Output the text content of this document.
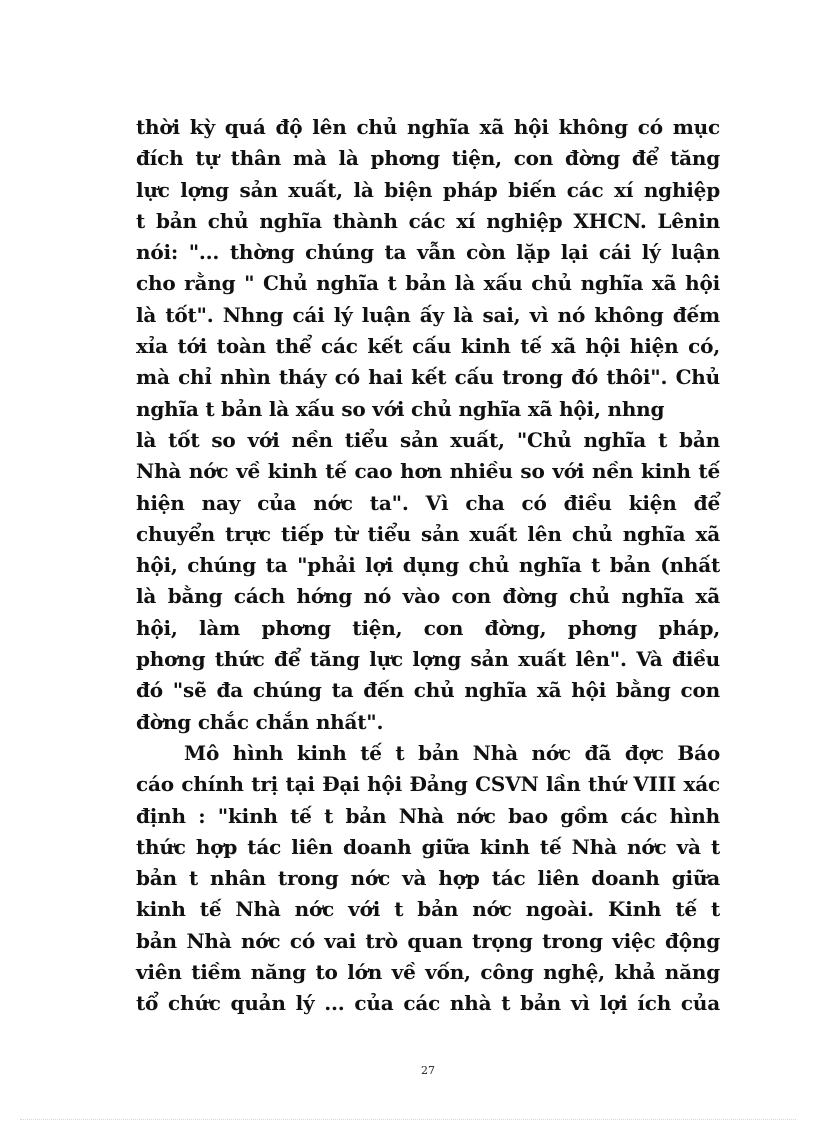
thời kỳ quá độ lên chủ nghĩa xã hội không có mục
đích tự thân mà là phơng tiện, con đờng để tăng
lực lợng sản xuất, là biện pháp biến các xí nghiệp
t bản chủ nghĩa thành các xí nghiệp XHCN. Lênin
nói: "... thờng chúng ta vẫn còn lặp lại cái lý luận
cho rằng " Chủ nghĩa t bản là xấu chủ nghĩa xã hội
là tốt". Nhng cái lý luận ấy là sai, vì nó không đếm
xỉa tới toàn thể các kết cấu kinh tế xã hội hiện có,
mà chỉ nhìn tháy có hai kết cấu trong đó thôi". Chủ
nghĩa t bản là xấu so với chủ nghĩa xã hội, nhng
là tốt so với nền tiểu sản xuất, "Chủ nghĩa t bản
Nhà nớc về kinh tế cao hơn nhiều so với nền kinh tế
hiện nay của nớc ta". Vì cha có điều kiện để
chuyển trực tiếp từ tiểu sản xuất lên chủ nghĩa xã
hội, chúng ta "phải lợi dụng chủ nghĩa t bản (nhất
là bằng cách hớng nó vào con đờng chủ nghĩa xã
hội, làm phơng tiện, con đờng, phơng pháp,
phơng thức để tăng lực lợng sản xuất lên". Và điều
đó "sẽ đa chúng ta đến chủ nghĩa xã hội bằng con
đờng chắc chắn nhất".
Mô hình kinh tế t bản Nhà nớc đã đợc Báo
cáo chính trị tại Đại hội Đảng CSVN lần thứ VIII xác
định : "kinh tế t bản Nhà nớc bao gồm các hình
thức hợp tác liên doanh giữa kinh tế Nhà nớc và t
bản t nhân trong nớc và hợp tác liên doanh giữa
kinh tế Nhà nớc với t bản nớc ngoài. Kinh tế t
bản Nhà nớc có vai trò quan trọng trong việc động
viên tiềm năng to lớn về vốn, công nghệ, khả năng
tổ chức quản lý ... của các nhà t bản vì lợi ích của
27
